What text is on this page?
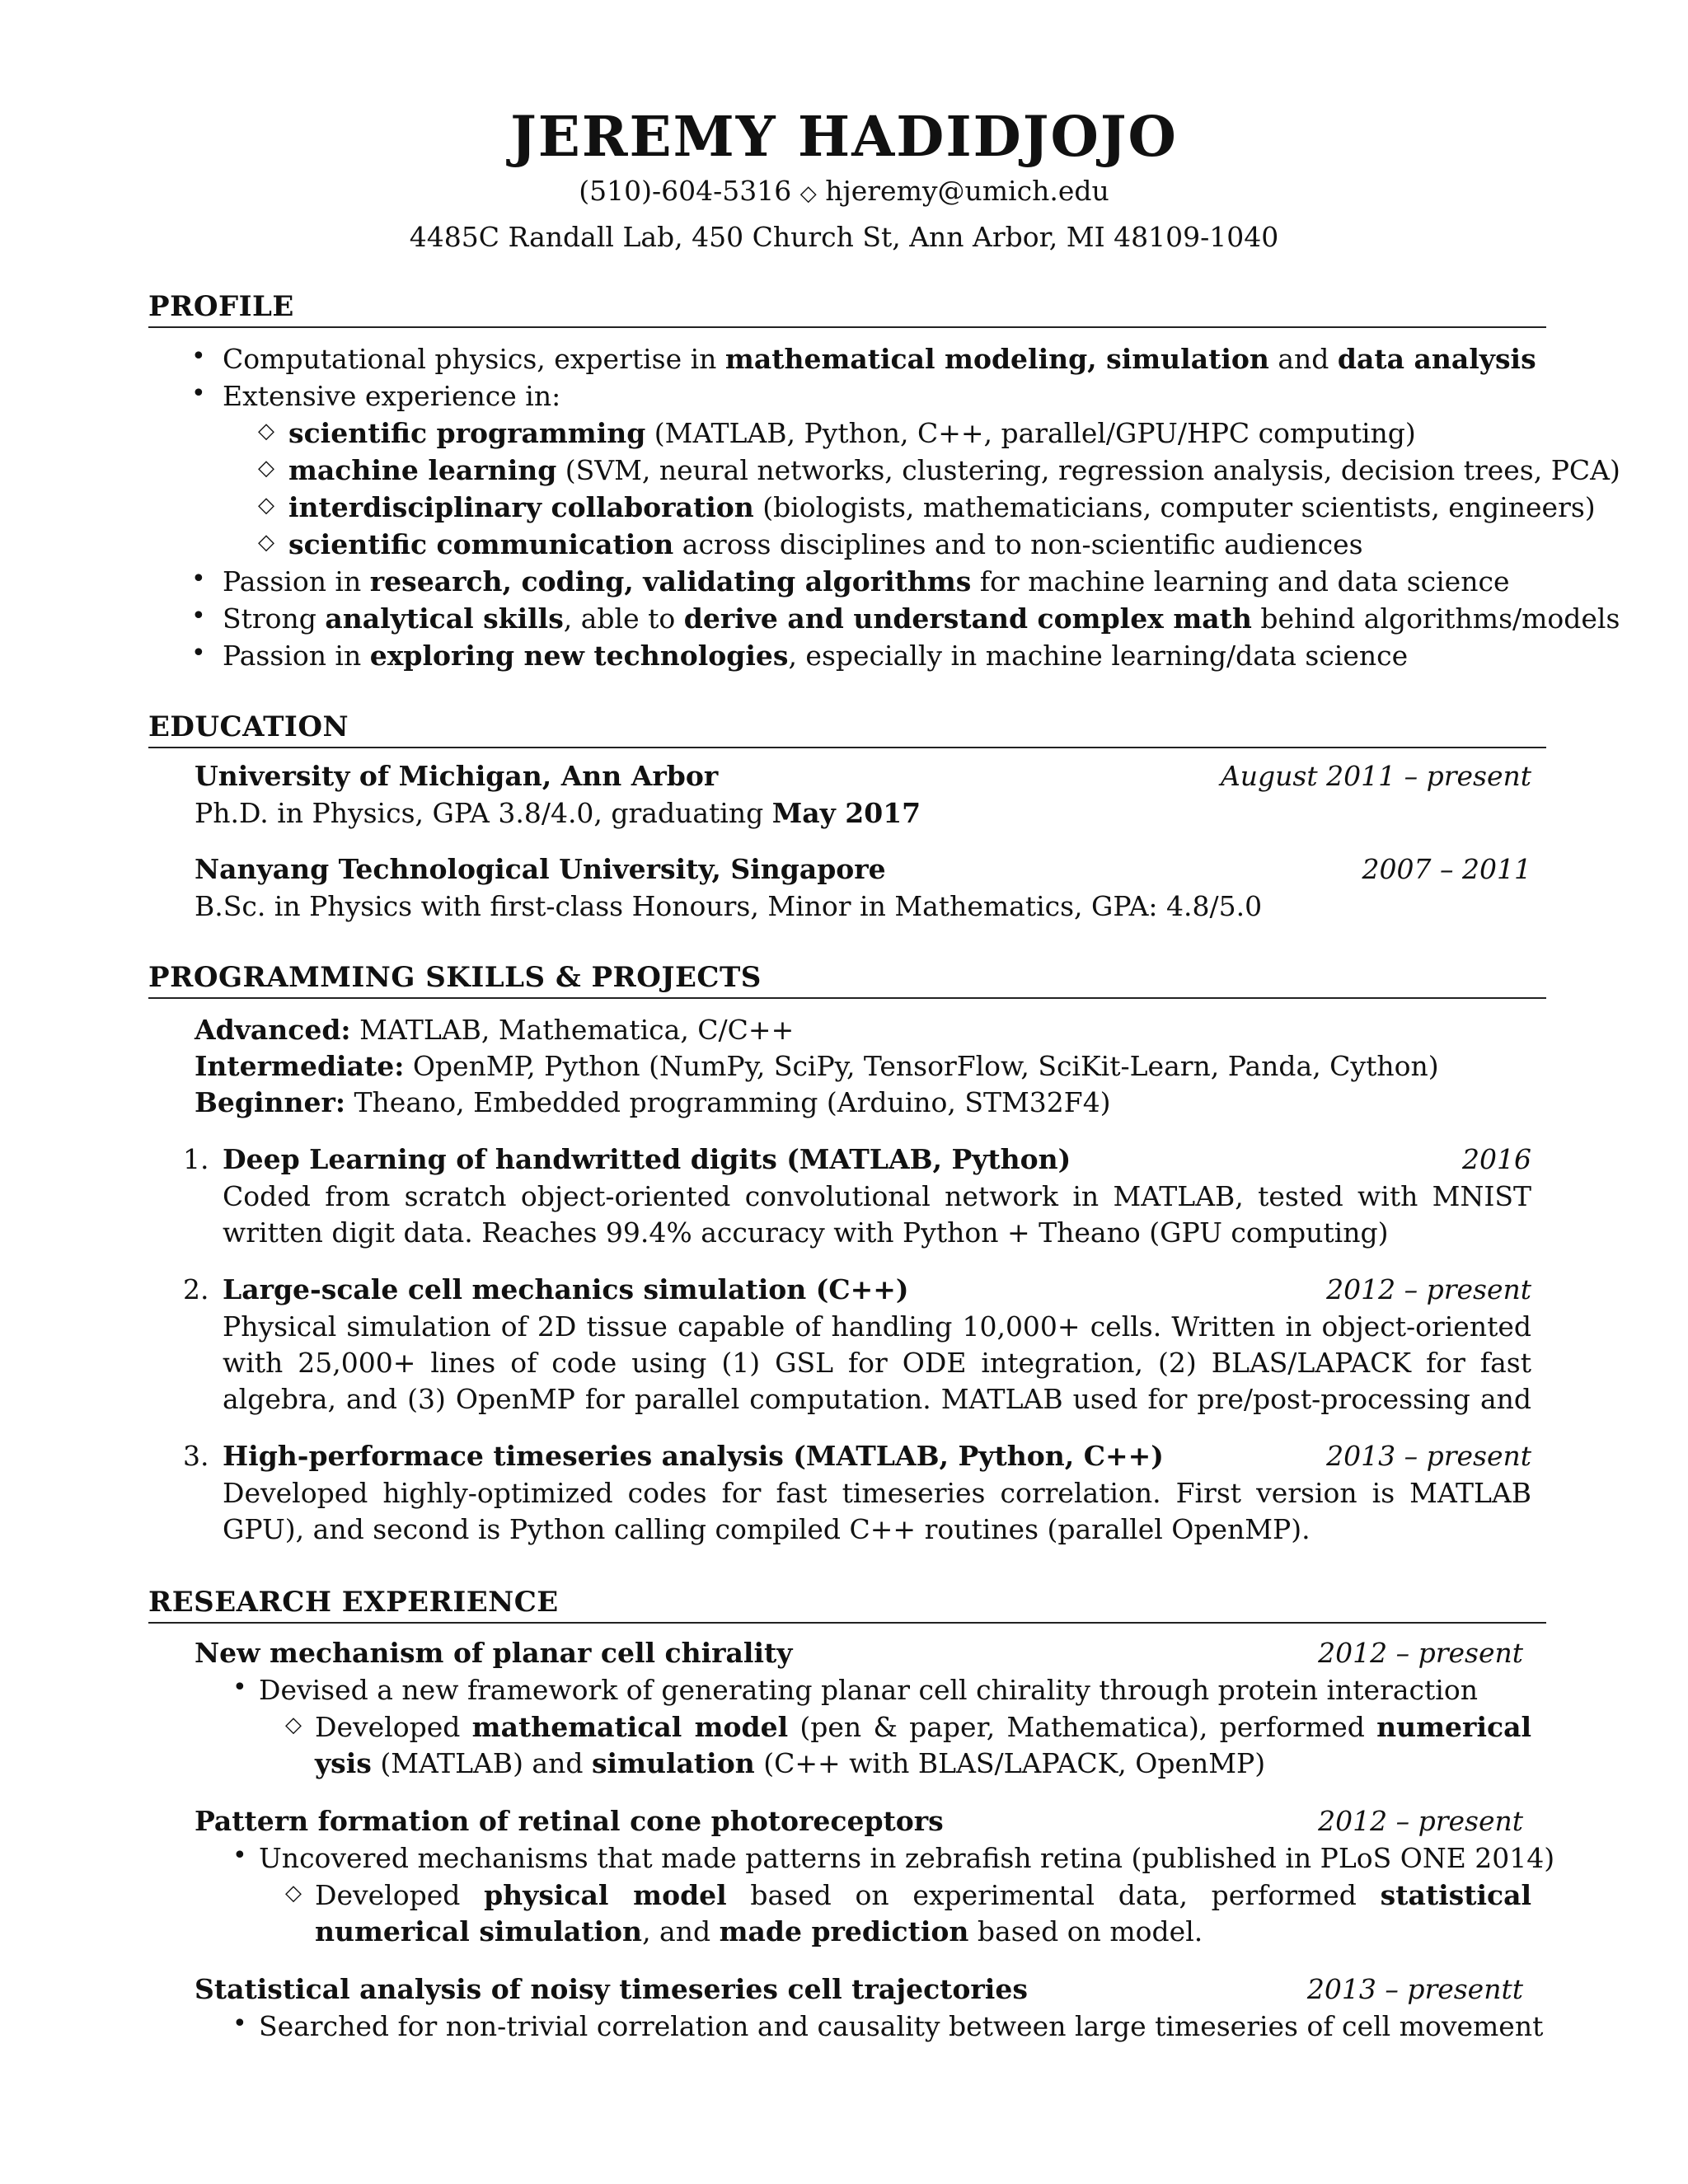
JEREMY HADIDJOJO
(510)-604-5316 ◇ hjeremy@umich.edu
4485C Randall Lab, 450 Church St, Ann Arbor, MI 48109-1040
PROFILE
• Computational physics, expertise in mathematical modeling, simulation and data analysis
• Extensive experience in:
◇ scientific programming (MATLAB, Python, C++, parallel/GPU/HPC computing)
◇ machine learning (SVM, neural networks, clustering, regression analysis, decision trees, PCA)
◇ interdisciplinary collaboration (biologists, mathematicians, computer scientists, engineers)
◇ scientific communication across disciplines and to non-scientific audiences
• Passion in research, coding, validating algorithms for machine learning and data science
• Strong analytical skills, able to derive and understand complex math behind algorithms/models
• Passion in exploring new technologies, especially in machine learning/data science
EDUCATION
University of Michigan, Ann Arbor	August 2011 – present
Ph.D. in Physics, GPA 3.8/4.0, graduating May 2017
Nanyang Technological University, Singapore	2007 – 2011
B.Sc. in Physics with first-class Honours, Minor in Mathematics, GPA: 4.8/5.0
PROGRAMMING SKILLS & PROJECTS
Advanced: MATLAB, Mathematica, C/C++
Intermediate: OpenMP, Python (NumPy, SciPy, TensorFlow, SciKit-Learn, Panda, Cython)
Beginner: Theano, Embedded programming (Arduino, STM32F4)
1. Deep Learning of handwritted digits (MATLAB, Python)	2016
Coded from scratch object-oriented convolutional network in MATLAB, tested with MNIST
written digit data. Reaches 99.4% accuracy with Python + Theano (GPU computing)
2. Large-scale cell mechanics simulation (C++)	2012 – present
Physical simulation of 2D tissue capable of handling 10,000+ cells. Written in object-oriented
with 25,000+ lines of code using (1) GSL for ODE integration, (2) BLAS/LAPACK for fast
algebra, and (3) OpenMP for parallel computation. MATLAB used for pre/post-processing and
3. High-performace timeseries analysis (MATLAB, Python, C++)	2013 – present
Developed highly-optimized codes for fast timeseries correlation. First version is MATLAB
GPU), and second is Python calling compiled C++ routines (parallel OpenMP).
RESEARCH EXPERIENCE
New mechanism of planar cell chirality	2012 – present
• Devised a new framework of generating planar cell chirality through protein interaction
◇ Developed mathematical model (pen & paper, Mathematica), performed numerical
ysis (MATLAB) and simulation (C++ with BLAS/LAPACK, OpenMP)
Pattern formation of retinal cone photoreceptors	2012 – present
• Uncovered mechanisms that made patterns in zebrafish retina (published in PLoS ONE 2014)
◇ Developed physical model based on experimental data, performed statistical
numerical simulation, and made prediction based on model.
Statistical analysis of noisy timeseries cell trajectories	2013 – presentt
• Searched for non-trivial correlation and causality between large timeseries of cell movement
